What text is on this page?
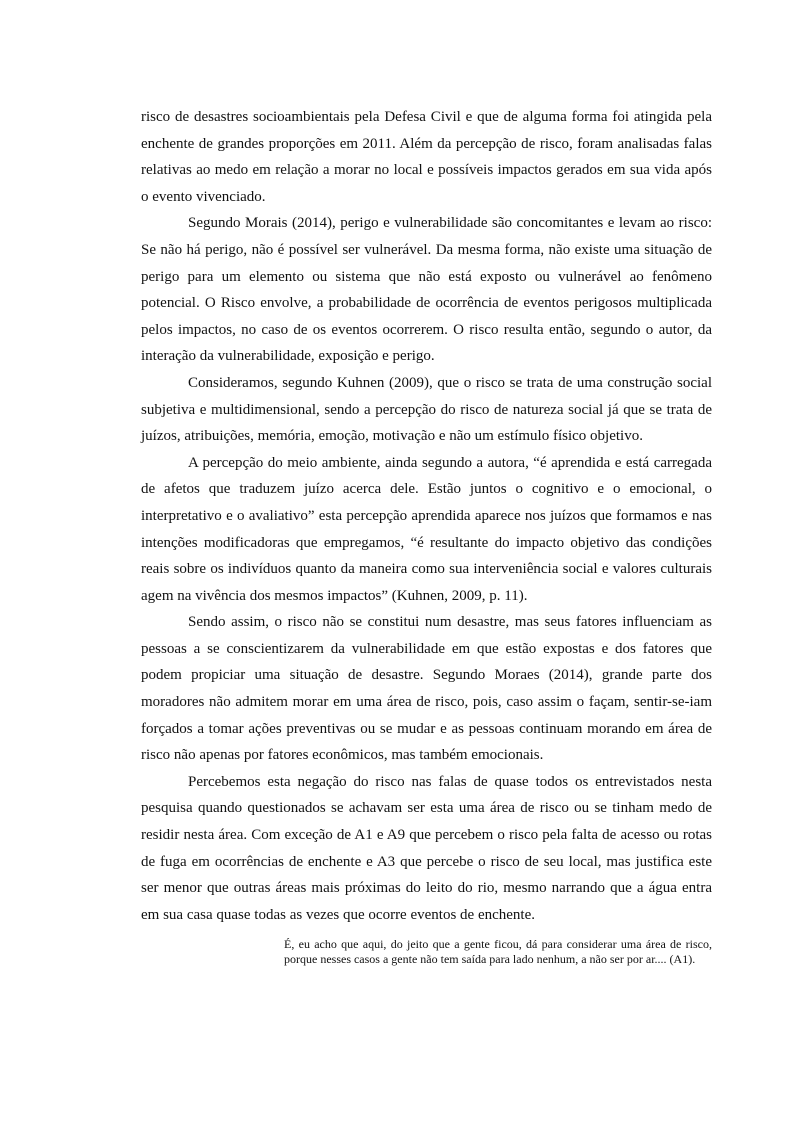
risco de desastres socioambientais pela Defesa Civil e que de alguma forma foi atingida pela enchente de grandes proporções em 2011. Além da percepção de risco, foram analisadas falas relativas ao medo em relação a morar no local e possíveis impactos gerados em sua vida após o evento vivenciado.

Segundo Morais (2014), perigo e vulnerabilidade são concomitantes e levam ao risco: Se não há perigo, não é possível ser vulnerável. Da mesma forma, não existe uma situação de perigo para um elemento ou sistema que não está exposto ou vulnerável ao fenômeno potencial. O Risco envolve, a probabilidade de ocorrência de eventos perigosos multiplicada pelos impactos, no caso de os eventos ocorrerem. O risco resulta então, segundo o autor, da interação da vulnerabilidade, exposição e perigo.

Consideramos, segundo Kuhnen (2009), que o risco se trata de uma construção social subjetiva e multidimensional, sendo a percepção do risco de natureza social já que se trata de juízos, atribuições, memória, emoção, motivação e não um estímulo físico objetivo.

A percepção do meio ambiente, ainda segundo a autora, “é aprendida e está carregada de afetos que traduzem juízo acerca dele. Estão juntos o cognitivo e o emocional, o interpretativo e o avaliativo” esta percepção aprendida aparece nos juízos que formamos e nas intenções modificadoras que empregamos, “é resultante do impacto objetivo das condições reais sobre os indivíduos quanto da maneira como sua interveniência social e valores culturais agem na vivência dos mesmos impactos” (Kuhnen, 2009, p. 11).

Sendo assim, o risco não se constitui num desastre, mas seus fatores influenciam as pessoas a se conscientizarem da vulnerabilidade em que estão expostas e dos fatores que podem propiciar uma situação de desastre. Segundo Moraes (2014), grande parte dos moradores não admitem morar em uma área de risco, pois, caso assim o façam, sentir-se-iam forçados a tomar ações preventivas ou se mudar e as pessoas continuam morando em área de risco não apenas por fatores econômicos, mas também emocionais.

Percebemos esta negação do risco nas falas de quase todos os entrevistados nesta pesquisa quando questionados se achavam ser esta uma área de risco ou se tinham medo de residir nesta área. Com exceção de A1 e A9 que percebem o risco pela falta de acesso ou rotas de fuga em ocorrências de enchente e A3 que percebe o risco de seu local, mas justifica este ser menor que outras áreas mais próximas do leito do rio, mesmo narrando que a água entra em sua casa quase todas as vezes que ocorre eventos de enchente.

É, eu acho que aqui, do jeito que a gente ficou, dá para considerar uma área de risco, porque nesses casos a gente não tem saída para lado nenhum, a não ser por ar.... (A1).
